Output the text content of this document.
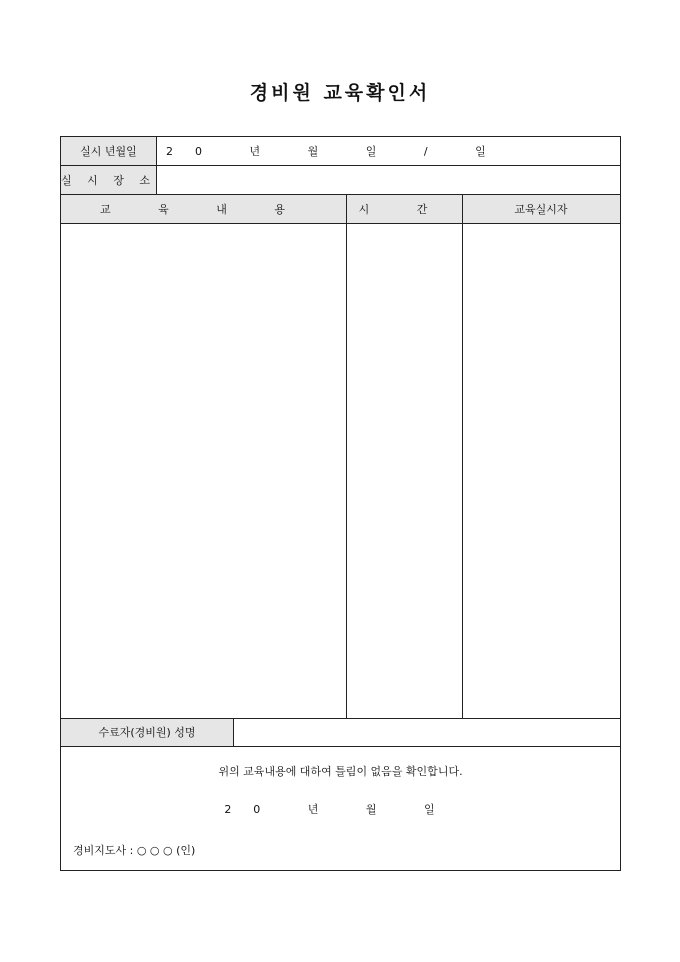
경비원 교육확인서
실시 년월일	20 년 월 일 / 일
실 시 장 소
교 육 내 용	시 간	교육실시자
수료자(경비원) 성명
위의 교육내용에 대하여 틀림이 없음을 확인합니다.
20 년 월 일
경비지도사 : ○ ○ ○ (인)
